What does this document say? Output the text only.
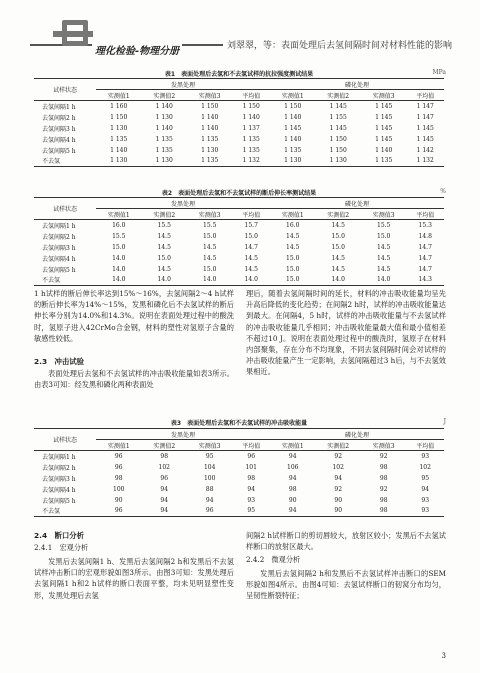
理化检验-物理分册	刘翠翠，等：表面处理后去氢间隔时间对材料性能的影响
表1　表面处理后去氢和不去氢试样的抗拉强度测试结果	MPa
试样状态	发黑处理				磷化处理			
	实测值1	实测值2	实测值3	平均值	实测值1	实测值2	实测值3	平均值
去氢间隔1 h	1 160	1 140	1 150	1 150	1 150	1 145	1 145	1 147
去氢间隔2 h	1 150	1 130	1 140	1 140	1 140	1 155	1 145	1 147
去氢间隔3 h	1 130	1 140	1 140	1 137	1 145	1 145	1 145	1 145
去氢间隔4 h	1 135	1 135	1 135	1 135	1 140	1 150	1 145	1 145
去氢间隔5 h	1 140	1 135	1 130	1 135	1 135	1 150	1 140	1 142
不去氢	1 130	1 130	1 135	1 132	1 130	1 130	1 135	1 132
表2　表面处理后去氢和不去氢试样的断后伸长率测试结果	%
试样状态	发黑处理				磷化处理			
	实测值1	实测值2	实测值3	平均值	实测值1	实测值2	实测值3	平均值
去氢间隔1 h	16.0	15.5	15.5	15.7	16.0	14.5	15.5	15.3
去氢间隔2 h	15.5	14.5	15.0	15.0	14.5	15.0	15.0	14.8
去氢间隔3 h	15.0	14.5	14.5	14.7	14.5	15.0	14.5	14.7
去氢间隔4 h	14.0	15.0	14.5	14.5	15.0	14.5	14.5	14.7
去氢间隔5 h	14.0	14.5	15.0	14.5	15.0	14.5	14.5	14.7
不去氢	14.0	14.0	14.0	14.0	15.0	14.0	14.0	14.3
1 h试样的断后伸长率达到15%～16%，去氢间隔2～4 h试样的断后伸长率为14%～15%，发黑和磷化后不去氢试样的断后伸长率分别为14.0%和14.3%。说明在表面处理过程中的酸洗时，氢原子进入42CrMo合金钢，材料的塑性对氢原子含量的敏感性较低。
2.3　冲击试验
表面处理后去氢和不去氢试样的冲击吸收能量如表3所示。由表3可知：经发黑和磷化两种表面处
理后，随着去氢间隔时间的延长，材料的冲击吸收能量均呈先升高后降低的变化趋势；在间隔2 h时，试样的冲击吸收能量达到最大。在间隔4，5 h时，试样的冲击吸收能量与不去氢试样的冲击吸收能量几乎相同；冲击吸收能量最大值和最小值相差不超过10 J。说明在表面处理过程中的酸洗时，氢原子在材料内部聚集，存在分布不均现象，不同去氢间隔时间会对试样的冲击吸收能量产生一定影响，去氢间隔超过3 h后，与不去氢效果相近。
表3　表面处理后去氢和不去氢试样的冲击吸收能量	J
试样状态	发黑处理				磷化处理			
	实测值1	实测值2	实测值3	平均值	实测值1	实测值2	实测值3	平均值
去氢间隔1 h	96	98	95	96	94	92	92	93
去氢间隔2 h	96	102	104	101	106	102	98	102
去氢间隔3 h	98	96	100	98	94	94	98	95
去氢间隔4 h	100	94	88	94	98	92	92	94
去氢间隔5 h	90	94	94	93	90	90	98	93
不去氢	96	94	96	95	94	90	98	93
2.4　断口分析
2.4.1　宏观分析
发黑后去氢间隔1 h、发黑后去氢间隔2 h和发黑后不去氢试样冲击断口的宏观形貌如图3所示。由图3可知：发黑处理后去氢间隔1 h和2 h试样的断口表面平整，均未见明显塑性变形，发黑处理后去氢
间隔2 h试样断口的剪切唇较大，放射区较小；发黑后不去氢试样断口的放射区最大。
2.4.2　微观分析
发黑后去氢间隔2 h和发黑后不去氢试样冲击断口的SEM形貌如图4所示。由图4可知：去氢试样断口的韧窝分布均匀，呈韧性断裂特征；
3
